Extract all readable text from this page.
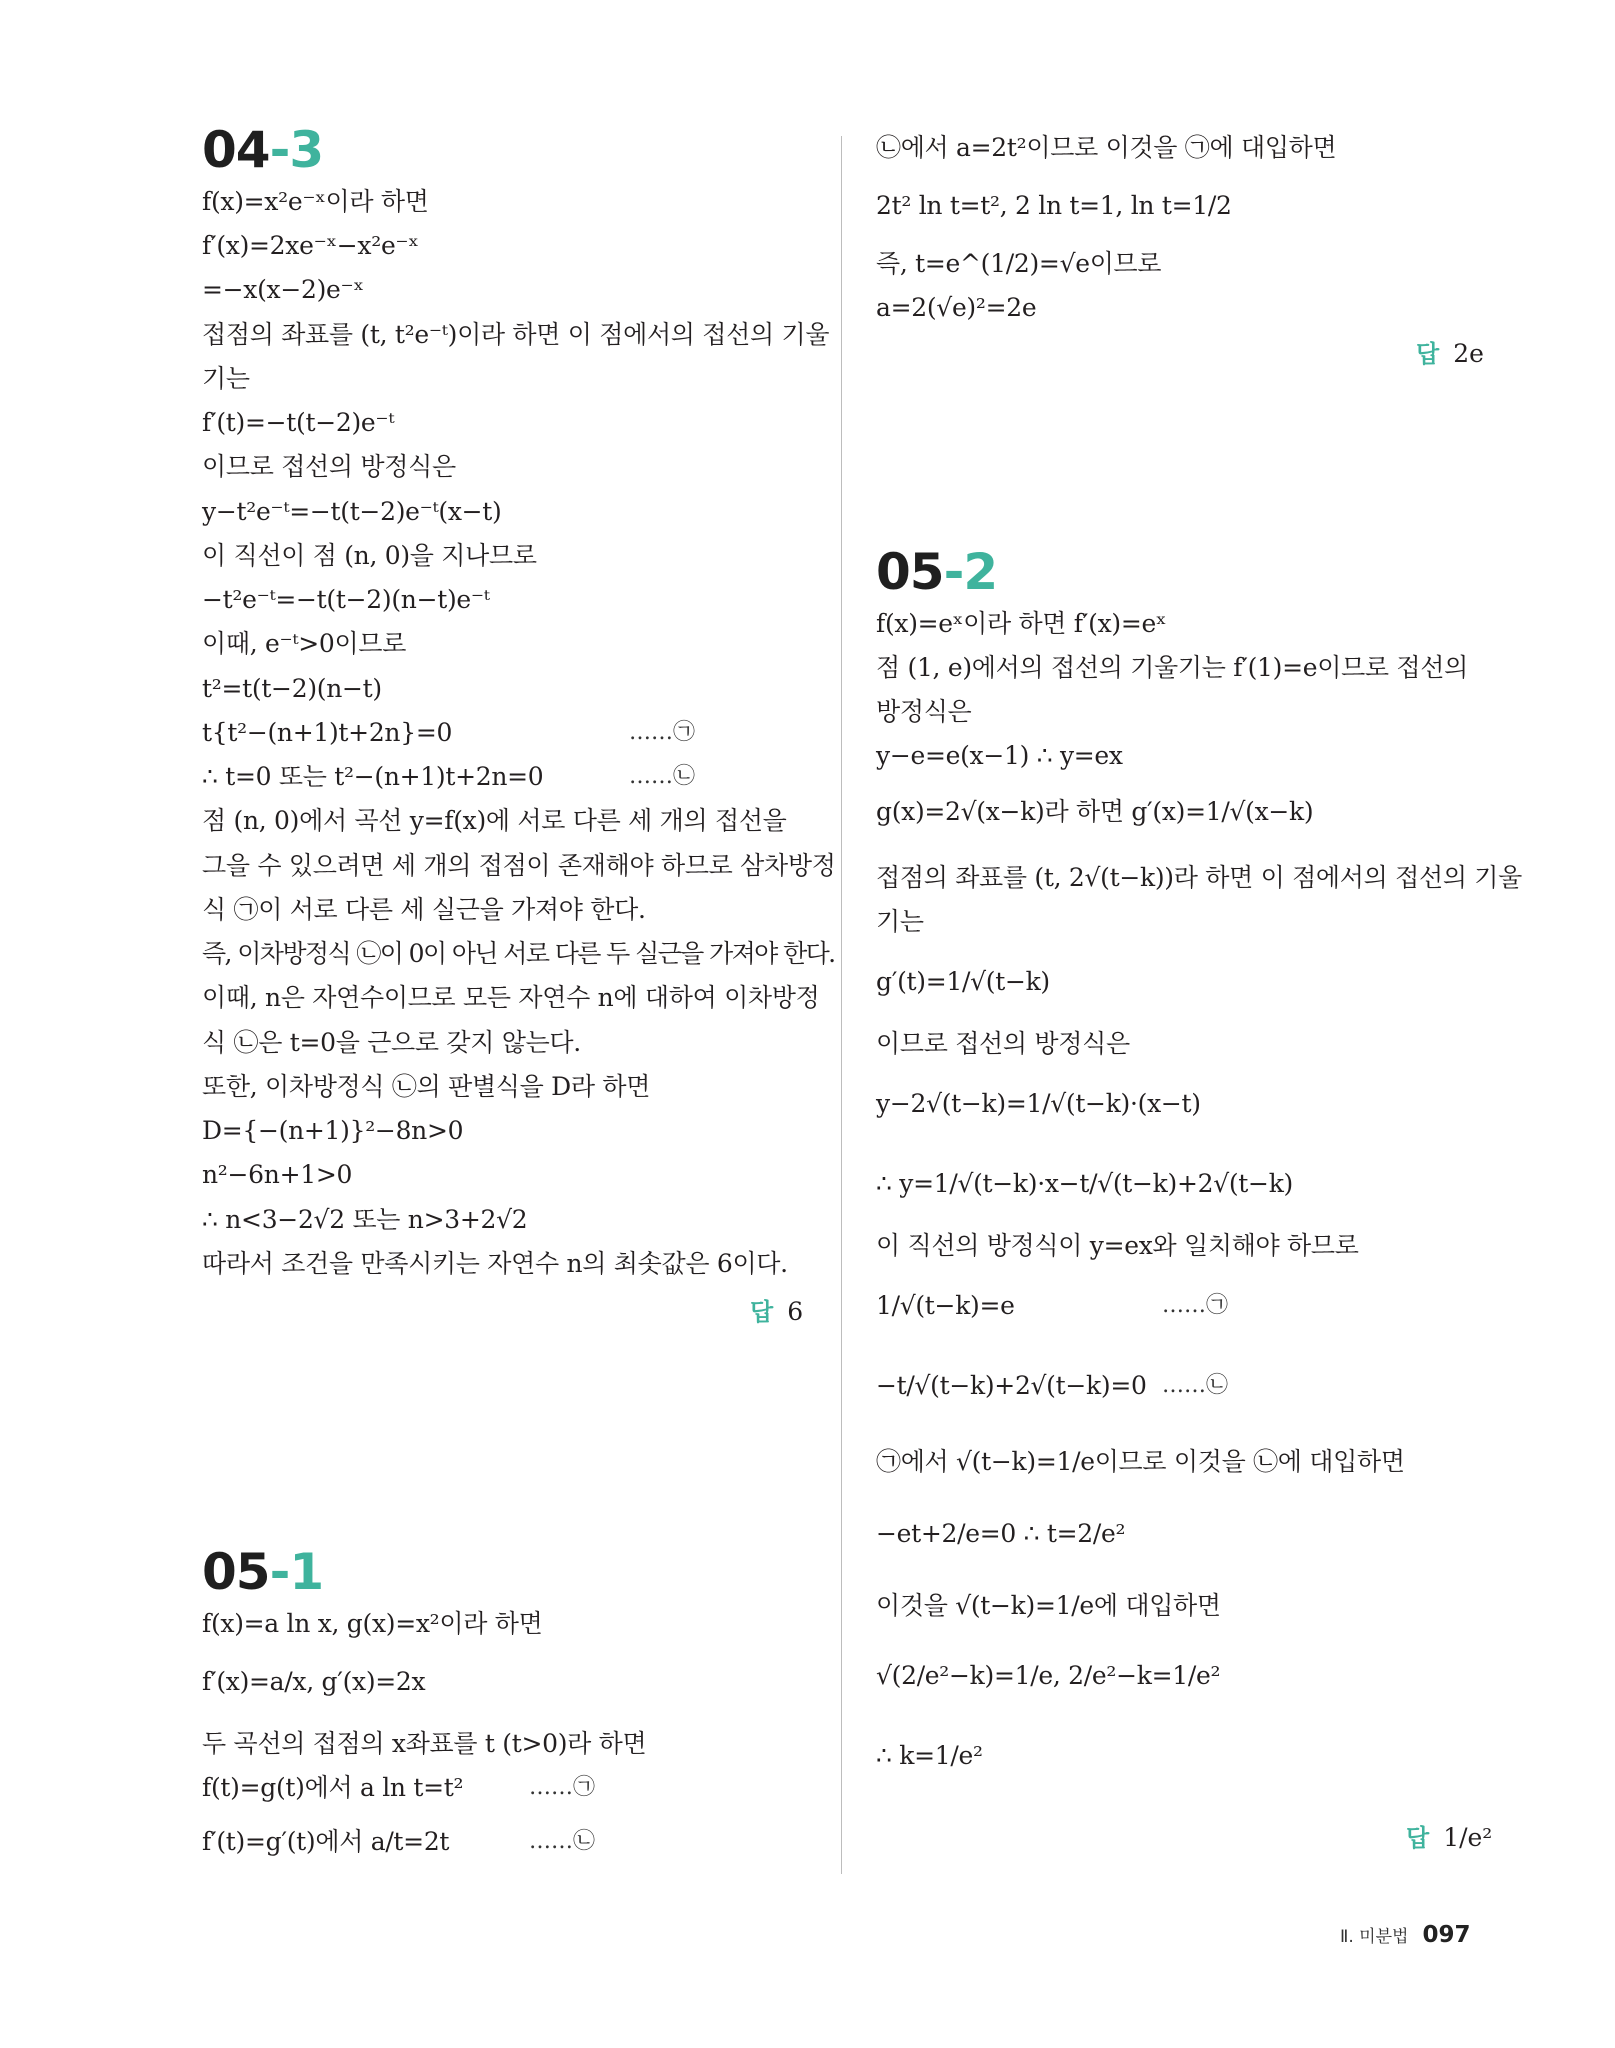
04-3
f(x)=x²e⁻ˣ이라 하면
f′(x)=2xe⁻ˣ−x²e⁻ˣ
=−x(x−2)e⁻ˣ
접점의 좌표를 (t, t²e⁻ᵗ)이라 하면 이 점에서의 접선의 기울
기는
f′(t)=−t(t−2)e⁻ᵗ
이므로 접선의 방정식은
y−t²e⁻ᵗ=−t(t−2)e⁻ᵗ(x−t)
이 직선이 점 (n, 0)을 지나므로
−t²e⁻ᵗ=−t(t−2)(n−t)e⁻ᵗ
이때, e⁻ᵗ>0이므로
t²=t(t−2)(n−t)
t{t²−(n+1)t+2n}=0	……㉠
∴ t=0 또는 t²−(n+1)t+2n=0	……㉡
점 (n, 0)에서 곡선 y=f(x)에 서로 다른 세 개의 접선을
그을 수 있으려면 세 개의 접점이 존재해야 하므로 삼차방정
식 ㉠이 서로 다른 세 실근을 가져야 한다.
즉, 이차방정식 ㉡이 0이 아닌 서로 다른 두 실근을 가져야 한다.
이때, n은 자연수이므로 모든 자연수 n에 대하여 이차방정
식 ㉡은 t=0을 근으로 갖지 않는다.
또한, 이차방정식 ㉡의 판별식을 D라 하면
D={−(n+1)}²−8n>0
n²−6n+1>0
∴ n<3−2√2 또는 n>3+2√2
따라서 조건을 만족시키는 자연수 n의 최솟값은 6이다.
답 6
05-1
f(x)=a ln x, g(x)=x²이라 하면
f′(x)=a/x, g′(x)=2x
두 곡선의 접점의 x좌표를 t (t>0)라 하면
f(t)=g(t)에서 a ln t=t²	……㉠
f′(t)=g′(t)에서 a/t=2t	……㉡
㉡에서 a=2t²이므로 이것을 ㉠에 대입하면
2t² ln t=t², 2 ln t=1, ln t=1/2
즉, t=e^(1/2)=√e이므로
a=2(√e)²=2e
답 2e
05-2
f(x)=eˣ이라 하면 f′(x)=eˣ
점 (1, e)에서의 접선의 기울기는 f′(1)=e이므로 접선의
방정식은
y−e=e(x−1) ∴ y=ex
g(x)=2√(x−k)라 하면 g′(x)=1/√(x−k)
접점의 좌표를 (t, 2√(t−k))라 하면 이 점에서의 접선의 기울
기는
g′(t)=1/√(t−k)
이므로 접선의 방정식은
y−2√(t−k)=1/√(t−k)·(x−t)
∴ y=1/√(t−k)·x−t/√(t−k)+2√(t−k)
이 직선의 방정식이 y=ex와 일치해야 하므로
1/√(t−k)=e	……㉠
−t/√(t−k)+2√(t−k)=0 ……㉡
㉠에서 √(t−k)=1/e이므로 이것을 ㉡에 대입하면
−et+2/e=0 ∴ t=2/e²
이것을 √(t−k)=1/e에 대입하면
√(2/e²−k)=1/e, 2/e²−k=1/e²
∴ k=1/e²
답 1/e²
Ⅱ. 미분법 097
